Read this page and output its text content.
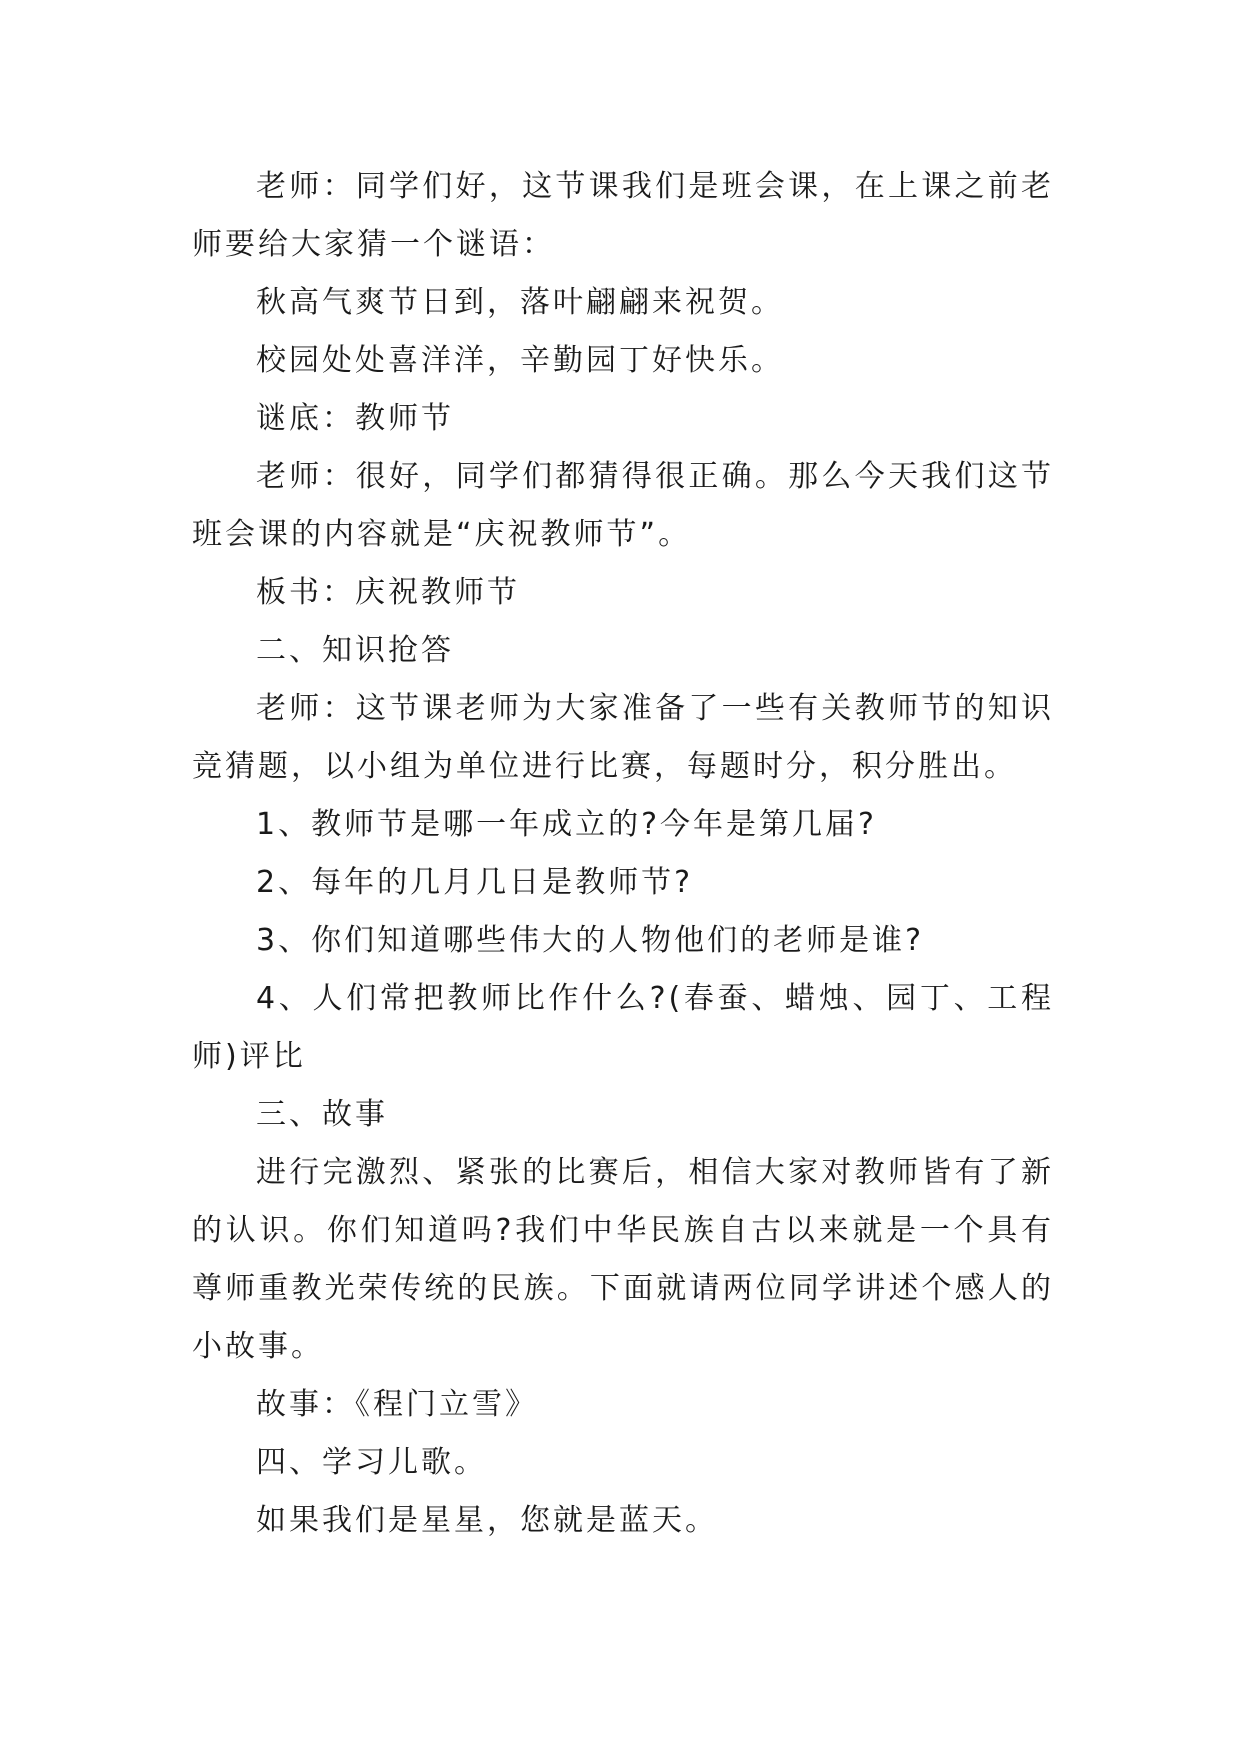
老师：同学们好，这节课我们是班会课，在上课之前老师要给大家猜一个谜语：

秋高气爽节日到，落叶翩翩来祝贺。

校园处处喜洋洋，辛勤园丁好快乐。

谜底：教师节

老师：很好，同学们都猜得很正确。那么今天我们这节班会课的内容就是“庆祝教师节”。

板书：庆祝教师节

二、知识抢答

老师：这节课老师为大家准备了一些有关教师节的知识竞猜题，以小组为单位进行比赛，每题时分，积分胜出。

1、教师节是哪一年成立的?今年是第几届?

2、每年的几月几日是教师节?

3、你们知道哪些伟大的人物他们的老师是谁?

4、人们常把教师比作什么?(春蚕、蜡烛、园丁、工程师)评比

三、故事

进行完激烈、紧张的比赛后，相信大家对教师皆有了新的认识。你们知道吗?我们中华民族自古以来就是一个具有尊师重教光荣传统的民族。下面就请两位同学讲述个感人的小故事。

故事：《程门立雪》

四、学习儿歌。

如果我们是星星，您就是蓝天。
